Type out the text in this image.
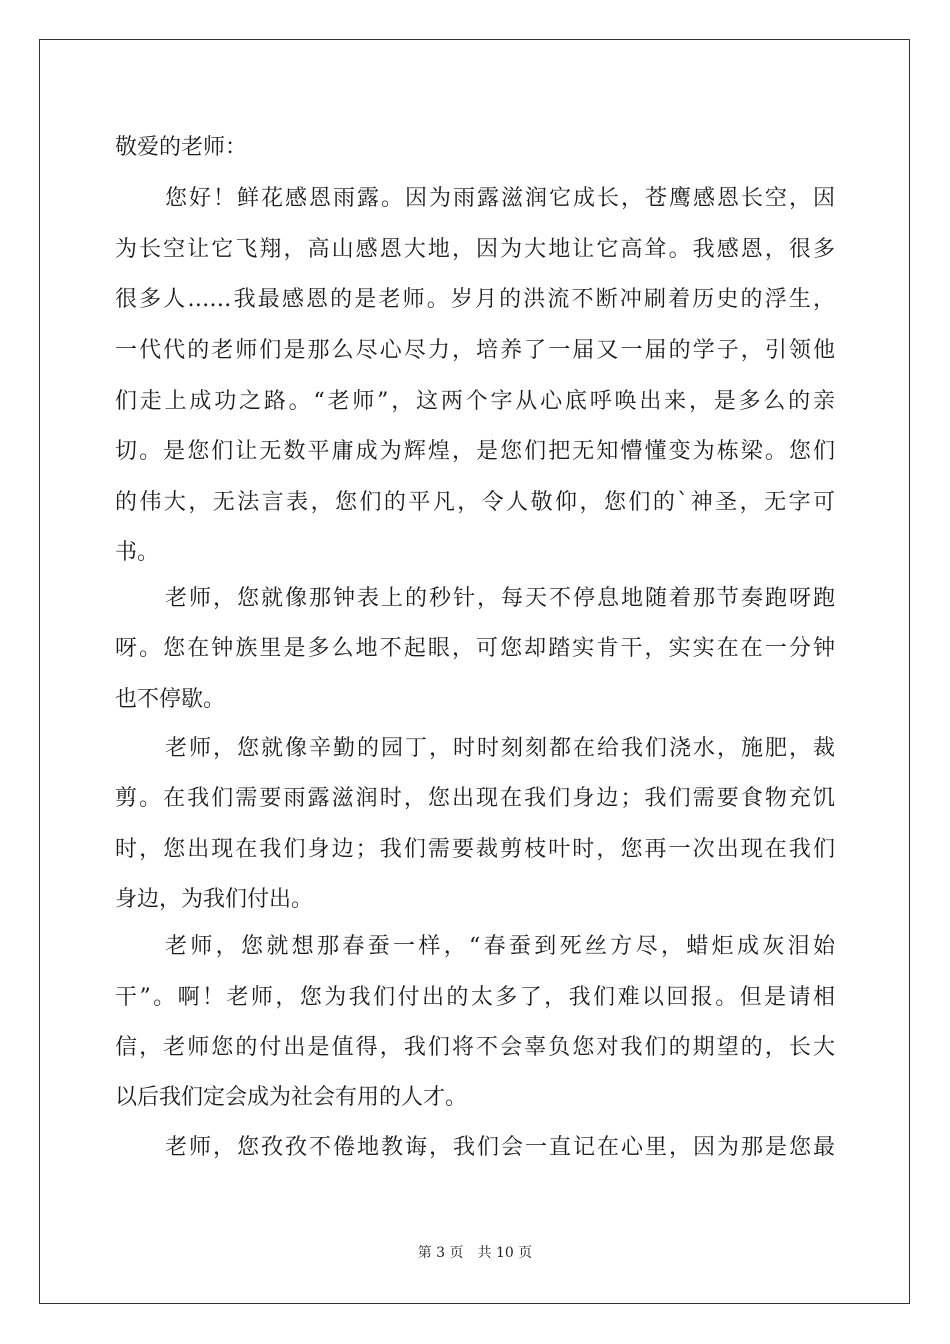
敬爱的老师：
您好！鲜花感恩雨露。因为雨露滋润它成长，苍鹰感恩长空，因
为长空让它飞翔，高山感恩大地，因为大地让它高耸。我感恩，很多
很多人……我最感恩的是老师。岁月的洪流不断冲刷着历史的浮生，
一代代的老师们是那么尽心尽力，培养了一届又一届的学子，引领他
们走上成功之路。“老师”，这两个字从心底呼唤出来，是多么的亲
切。是您们让无数平庸成为辉煌，是您们把无知懵懂变为栋梁。您们
的伟大，无法言表，您们的平凡，令人敬仰，您们的`神圣，无字可
书。
老师，您就像那钟表上的秒针，每天不停息地随着那节奏跑呀跑
呀。您在钟族里是多么地不起眼，可您却踏实肯干，实实在在一分钟
也不停歇。
老师，您就像辛勤的园丁，时时刻刻都在给我们浇水，施肥，裁
剪。在我们需要雨露滋润时，您出现在我们身边；我们需要食物充饥
时，您出现在我们身边；我们需要裁剪枝叶时，您再一次出现在我们
身边，为我们付出。
老师，您就想那春蚕一样，“春蚕到死丝方尽，蜡炬成灰泪始
干”。啊！老师，您为我们付出的太多了，我们难以回报。但是请相
信，老师您的付出是值得，我们将不会辜负您对我们的期望的，长大
以后我们定会成为社会有用的人才。
老师，您孜孜不倦地教诲，我们会一直记在心里，因为那是您最
第 3 页 共 10 页
